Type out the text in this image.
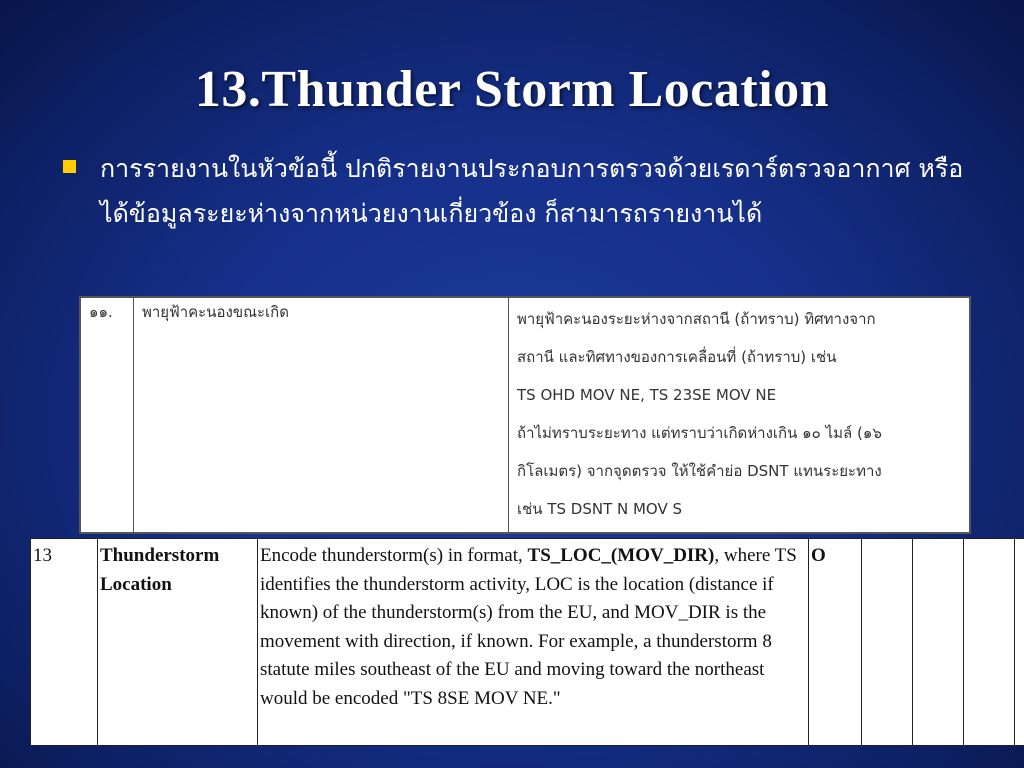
13.Thunder Storm Location
การรายงานในหัวข้อนี้ ปกติรายงานประกอบการตรวจด้วยเรดาร์ตรวจอากาศ หรือได้ข้อมูลระยะห่างจากหน่วยงานเกี่ยวข้อง ก็สามารถรายงานได้
๑๑.	พายุฟ้าคะนองขณะเกิด	พายุฟ้าคะนองระยะห่างจากสถานี (ถ้าทราบ) ทิศทางจาก
สถานี และทิศทางของการเคลื่อนที่ (ถ้าทราบ) เช่น
TS OHD MOV NE, TS 23SE MOV NE
ถ้าไม่ทราบระยะทาง แต่ทราบว่าเกิดห่างเกิน ๑๐ ไมล์ (๑๖
กิโลเมตร) จากจุดตรวจ ให้ใช้คำย่อ DSNT แทนระยะทาง
เช่น TS DSNT N MOV S
13	Thunderstorm Location	Encode thunderstorm(s) in format, TS_LOC_(MOV_DIR), where TS identifies the thunderstorm activity, LOC is the location (distance if known) of the thunderstorm(s) from the EU, and MOV_DIR is the movement with direction, if known. For example, a thunderstorm 8 statute miles southeast of the EU and moving toward the northeast would be encoded "TS 8SE MOV NE."	O				
